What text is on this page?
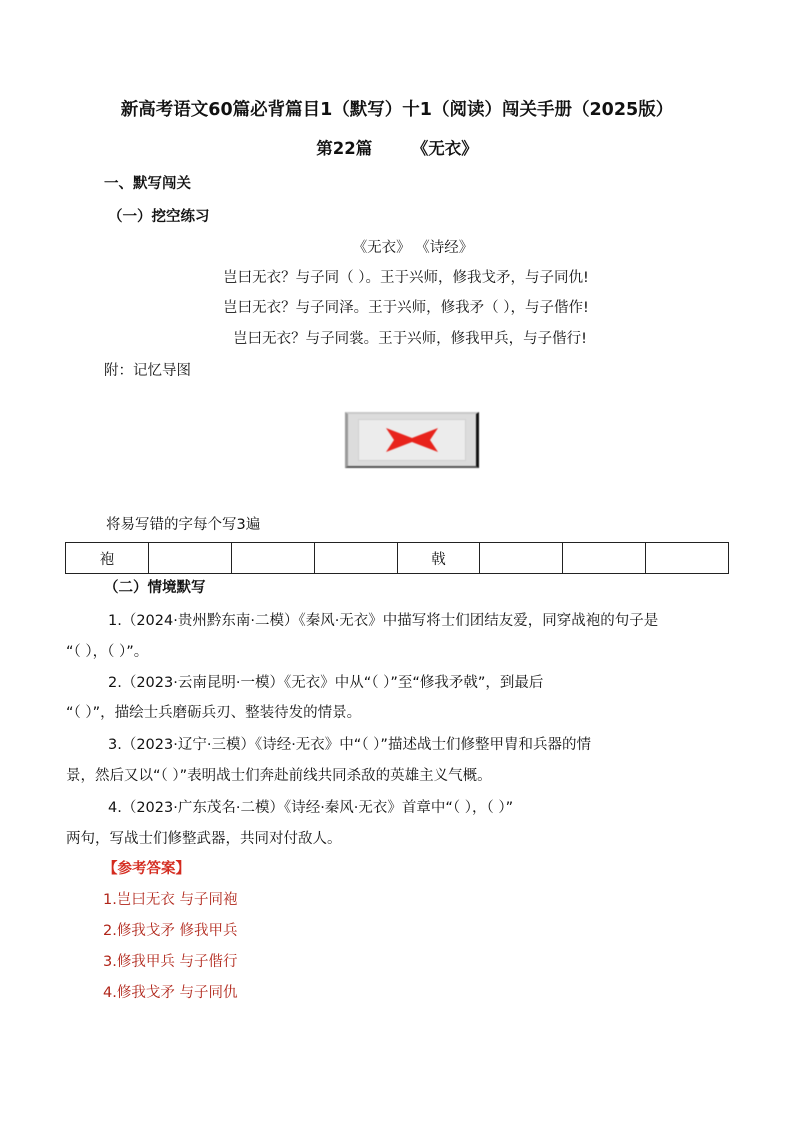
新高考语文60篇必背篇目1（默写）十1（阅读）闯关手册（2025版）
第22篇 《无衣》
一、默写闯关
（一）挖空练习
《无衣》 《诗经》
岂曰无衣？与子同（ ）。王于兴师，修我戈矛，与子同仇!
岂曰无衣？与子同泽。王于兴师，修我矛（ ），与子偕作!
岂曰无衣？与子同裳。王于兴师，修我甲兵，与子偕行!
附：记忆导图
将易写错的字每个写3遍
袍				戟			
（二）情境默写
1.（2024·贵州黔东南·二模）《秦风·无衣》中描写将士们团结友爱，同穿战袍的句子是
“（ ），（ ）”。
2.（2023·云南昆明·一模）《无衣》中从“（ ）”至“修我矛戟”，到最后
“（ ）”，描绘士兵磨砺兵刃、整装待发的情景。
3.（2023·辽宁·三模）《诗经·无衣》中“（ ）”描述战士们修整甲胄和兵器的情
景，然后又以“（ ）”表明战士们奔赴前线共同杀敌的英雄主义气概。
4.（2023·广东茂名·二模）《诗经·秦风·无衣》首章中“（ ），（ ）”
两句，写战士们修整武器，共同对付敌人。
【参考答案】
1.岂曰无衣 与子同袍
2.修我戈矛 修我甲兵
3.修我甲兵 与子偕行
4.修我戈矛 与子同仇
